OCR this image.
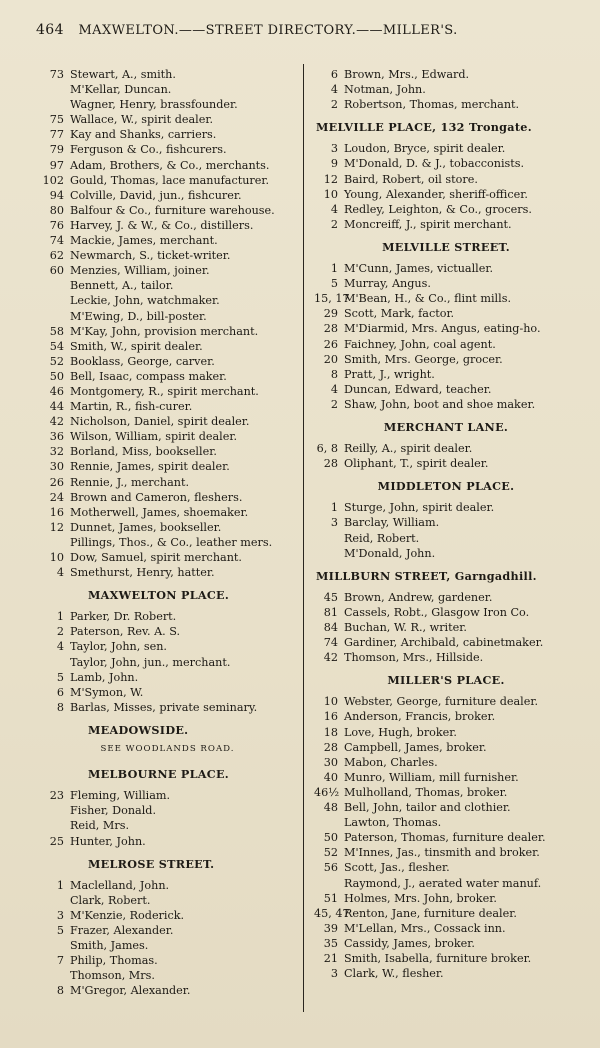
464 MAXWELTON.——STREET DIRECTORY.——MILLER'S.
73 Stewart, A., smith.
M'Kellar, Duncan.
Wagner, Henry, brassfounder.
75 Wallace, W., spirit dealer.
77 Kay and Shanks, carriers.
79 Ferguson & Co., fishcurers.
97 Adam, Brothers, & Co., merchants.
102 Gould, Thomas, lace manufacturer.
94 Colville, David, jun., fishcurer.
80 Balfour & Co., furniture warehouse.
76 Harvey, J. & W., & Co., distillers.
74 Mackie, James, merchant.
62 Newmarch, S., ticket-writer.
60 Menzies, William, joiner.
Bennett, A., tailor.
Leckie, John, watchmaker.
M'Ewing, D., bill-poster.
58 M'Kay, John, provision merchant.
54 Smith, W., spirit dealer.
52 Booklass, George, carver.
50 Bell, Isaac, compass maker.
46 Montgomery, R., spirit merchant.
44 Martin, R., fish-curer.
42 Nicholson, Daniel, spirit dealer.
36 Wilson, William, spirit dealer.
32 Borland, Miss, bookseller.
30 Rennie, James, spirit dealer.
26 Rennie, J., merchant.
24 Brown and Cameron, fleshers.
16 Motherwell, James, shoemaker.
12 Dunnet, James, bookseller.
Pillings, Thos., & Co., leather mers.
10 Dow, Samuel, spirit merchant.
4 Smethurst, Henry, hatter.
MAXWELTON PLACE.
1 Parker, Dr. Robert.
2 Paterson, Rev. A. S.
4 Taylor, John, sen.
Taylor, John, jun., merchant.
5 Lamb, John.
6 M'Symon, W.
8 Barlas, Misses, private seminary.
MEADOWSIDE.
SEE WOODLANDS ROAD.
MELBOURNE PLACE.
23 Fleming, William.
Fisher, Donald.
Reid, Mrs.
25 Hunter, John.
MELROSE STREET.
1 Maclelland, John.
Clark, Robert.
3 M'Kenzie, Roderick.
5 Frazer, Alexander.
Smith, James.
7 Philip, Thomas.
Thomson, Mrs.
8 M'Gregor, Alexander.
6 Brown, Mrs., Edward.
4 Notman, John.
2 Robertson, Thomas, merchant.
MELVILLE PLACE, 132 Trongate.
3 Loudon, Bryce, spirit dealer.
9 M'Donald, D. & J., tobacconists.
12 Baird, Robert, oil store.
10 Young, Alexander, sheriff-officer.
4 Redley, Leighton, & Co., grocers.
2 Moncreiff, J., spirit merchant.
MELVILLE STREET.
1 M'Cunn, James, victualler.
5 Murray, Angus.
15, 17
M'Bean, H., & Co., flint mills.
29 Scott, Mark, factor.
28 M'Diarmid, Mrs. Angus, eating-ho.
26 Faichney, John, coal agent.
20 Smith, Mrs. George, grocer.
8 Pratt, J., wright.
4 Duncan, Edward, teacher.
2 Shaw, John, boot and shoe maker.
MERCHANT LANE.
6, 8 Reilly, A., spirit dealer.
28 Oliphant, T., spirit dealer.
MIDDLETON PLACE.
1 Sturge, John, spirit dealer.
3 Barclay, William.
Reid, Robert.
M'Donald, John.
MILLBURN STREET, Garngadhill.
45 Brown, Andrew, gardener.
81 Cassels, Robt., Glasgow Iron Co.
84 Buchan, W. R., writer.
74 Gardiner, Archibald, cabinetmaker.
42 Thomson, Mrs., Hillside.
MILLER'S PLACE.
10 Webster, George, furniture dealer.
16 Anderson, Francis, broker.
18 Love, Hugh, broker.
28 Campbell, James, broker.
30 Mabon, Charles.
40 Munro, William, mill furnisher.
46½ Mulholland, Thomas, broker.
48 Bell, John, tailor and clothier.
Lawton, Thomas.
50 Paterson, Thomas, furniture dealer.
52 M'Innes, Jas., tinsmith and broker.
56 Scott, Jas., flesher.
Raymond, J., aerated water manuf.
51 Holmes, Mrs. John, broker.
45, 47
Renton, Jane, furniture dealer.
39 M'Lellan, Mrs., Cossack inn.
35 Cassidy, James, broker.
21 Smith, Isabella, furniture broker.
3 Clark, W., flesher.
